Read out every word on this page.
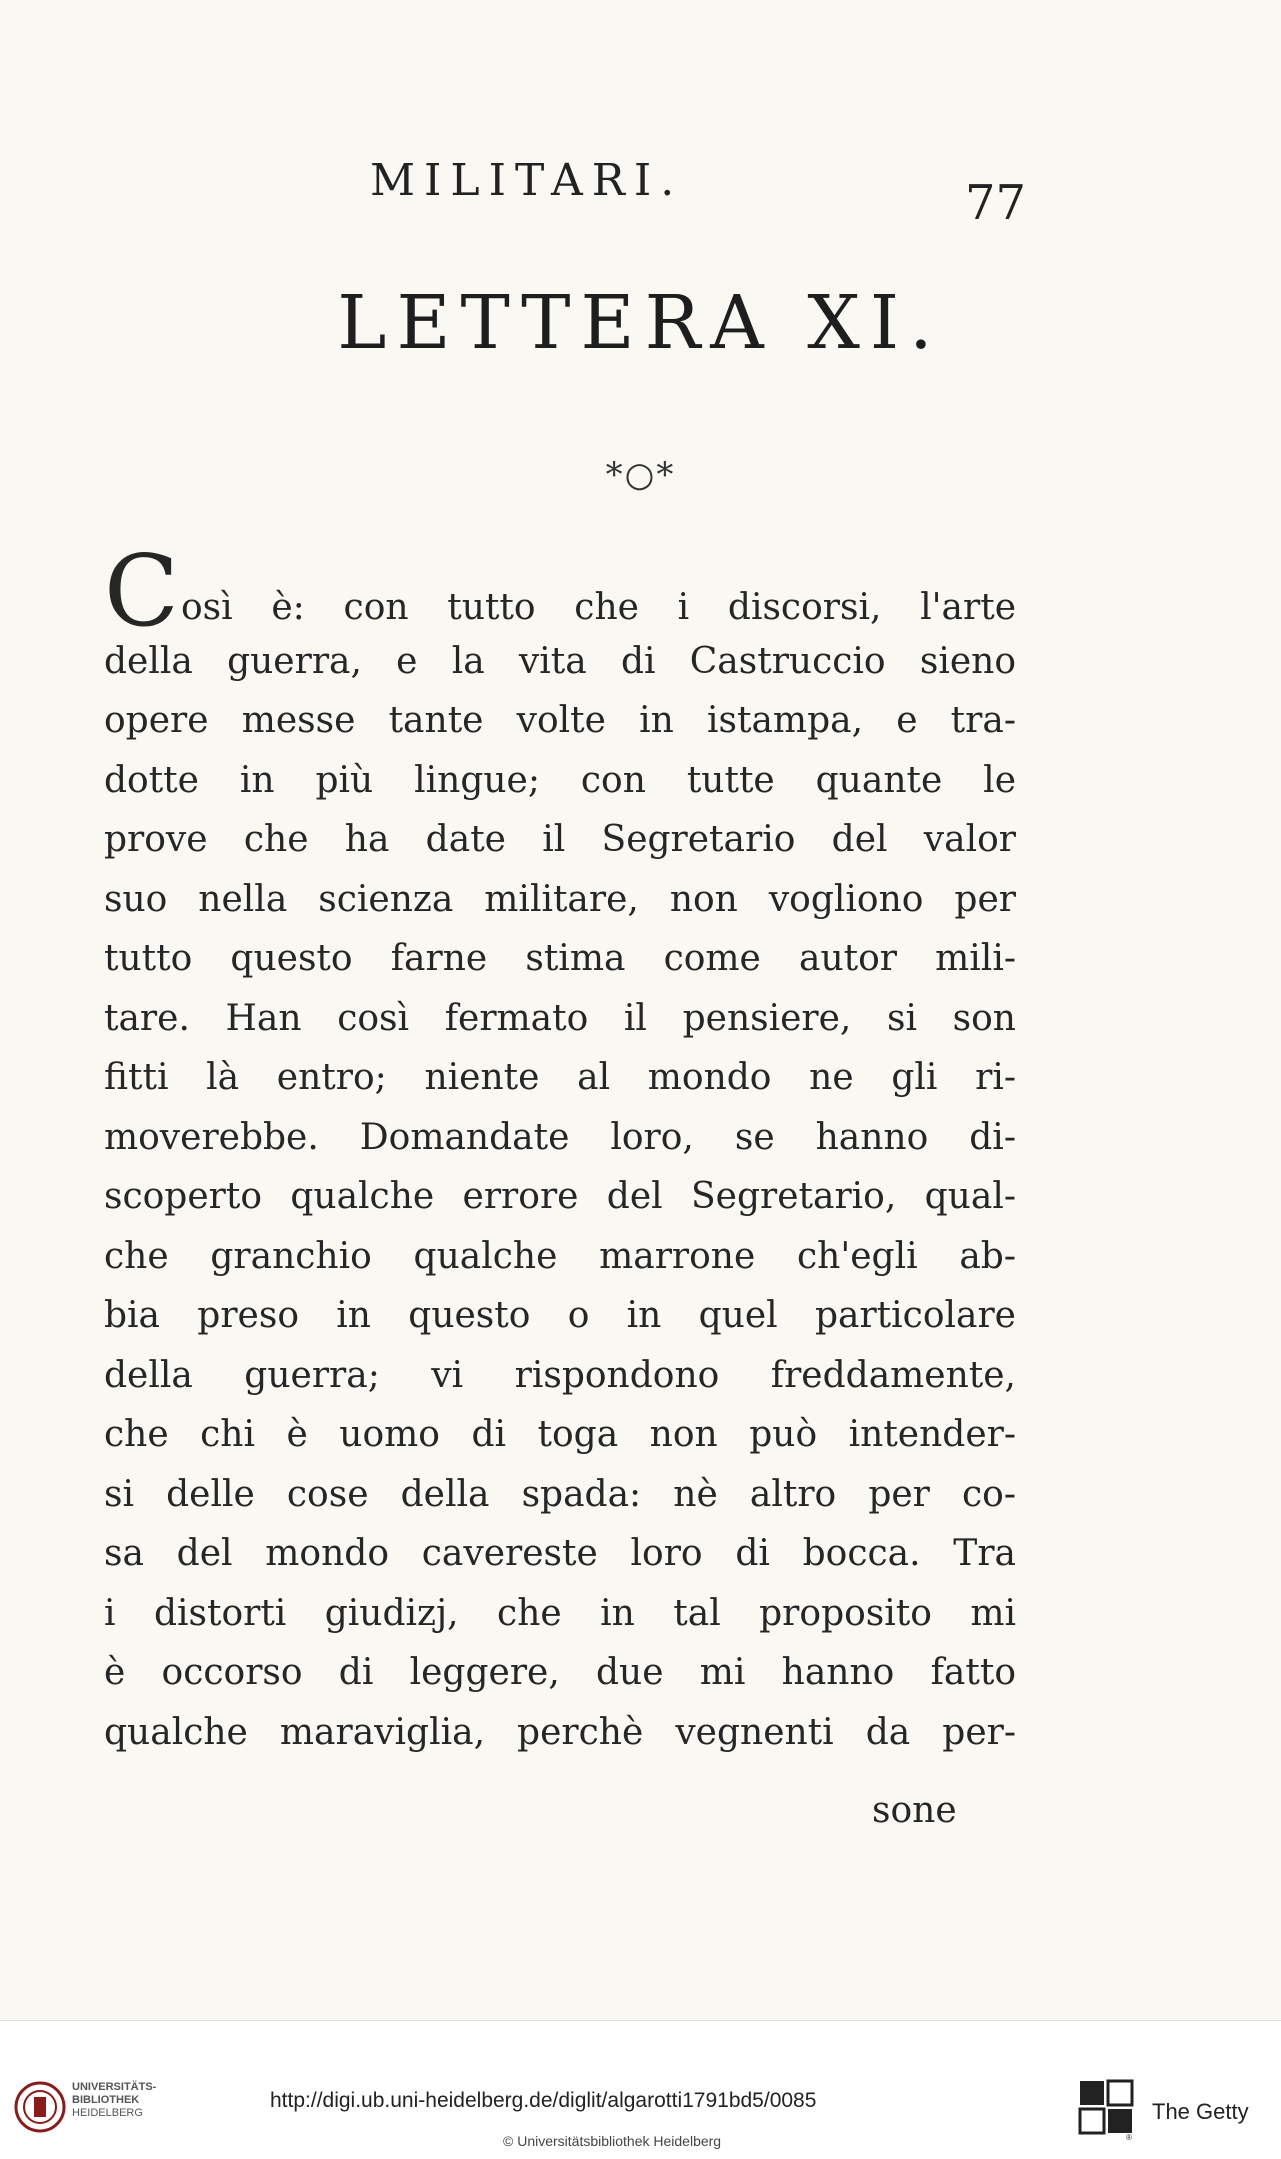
MILITARI.	77
LETTERA XI.
*○*
Così è: con tutto che i discorsi, l'arte
della guerra, e la vita di Castruccio sieno
opere messe tante volte in istampa, e tra-
dotte in più lingue; con tutte quante le
prove che ha date il Segretario del valor
suo nella scienza militare, non vogliono per
tutto questo farne stima come autor mili-
tare. Han così fermato il pensiere, si son
fitti là entro; niente al mondo ne gli ri-
moverebbe. Domandate loro, se hanno di-
scoperto qualche errore del Segretario, qual-
che granchio qualche marrone ch'egli ab-
bia preso in questo o in quel particolare
della guerra; vi rispondono freddamente,
che chi è uomo di toga non può intender-
si delle cose della spada: nè altro per co-
sa del mondo cavereste loro di bocca. Tra
i distorti giudizj, che in tal proposito mi
è occorso di leggere, due mi hanno fatto
qualche maraviglia, perchè vegnenti da per-
sone
UNIVERSITÄTS-
BIBLIOTHEK
HEIDELBERG
http://digi.ub.uni-heidelberg.de/diglit/algarotti1791bd5/0085
© Universitätsbibliothek Heidelberg	®
The Getty
